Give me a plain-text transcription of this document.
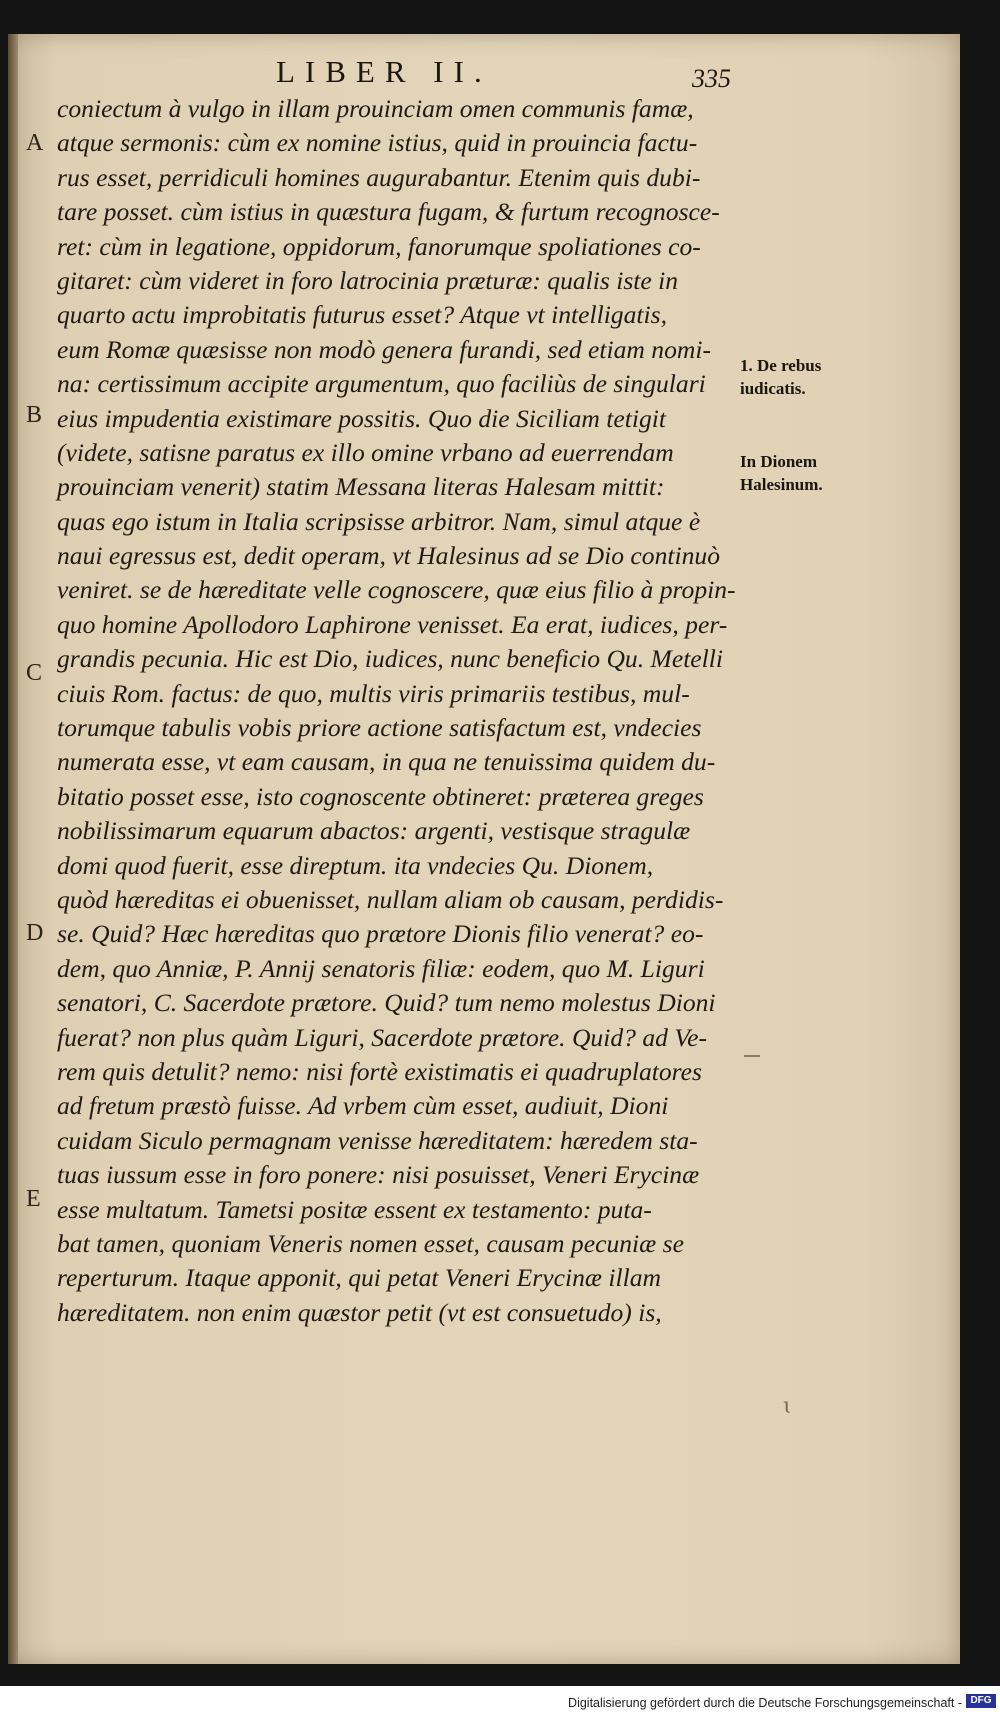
LIBER II.	335
coniectum à vulgo in illam prouinciam omen communis famæ,
atque sermonis: cùm ex nomine istius, quid in prouincia factu-
rus esset, perridiculi homines augurabantur. Etenim quis dubi-
tare posset. cùm istius in quæstura fugam, & furtum recognosce-
ret: cùm in legatione, oppidorum, fanorumque spoliationes co-
gitaret: cùm videret in foro latrocinia præturæ: qualis iste in
quarto actu improbitatis futurus esset? Atque vt intelligatis,
eum Romæ quæsisse non modò genera furandi, sed etiam nomi-
na: certissimum accipite argumentum, quo faciliùs de singulari
eius impudentia existimare possitis. Quo die Siciliam tetigit
(videte, satisne paratus ex illo omine vrbano ad euerrendam
prouinciam venerit) statim Messana literas Halesam mittit:
quas ego istum in Italia scripsisse arbitror. Nam, simul atque è
naui egressus est, dedit operam, vt Halesinus ad se Dio continuò
veniret. se de hæreditate velle cognoscere, quæ eius filio à propin-
quo homine Apollodoro Laphirone venisset. Ea erat, iudices, per-
grandis pecunia. Hic est Dio, iudices, nunc beneficio Qu. Metelli
ciuis Rom. factus: de quo, multis viris primariis testibus, mul-
torumque tabulis vobis priore actione satisfactum est, vndecies
numerata esse, vt eam causam, in qua ne tenuissima quidem du-
bitatio posset esse, isto cognoscente obtineret: præterea greges
nobilissimarum equarum abactos: argenti, vestisque stragulæ
domi quod fuerit, esse direptum. ita vndecies Qu. Dionem,
quòd hæreditas ei obuenisset, nullam aliam ob causam, perdidis-
se. Quid? Hæc hæreditas quo prætore Dionis filio venerat? eo-
dem, quo Anniæ, P. Annij senatoris filiæ: eodem, quo M. Liguri
senatori, C. Sacerdote prætore. Quid? tum nemo molestus Dioni
fuerat? non plus quàm Liguri, Sacerdote prætore. Quid? ad Ve-
rem quis detulit? nemo: nisi fortè existimatis ei quadruplatores
ad fretum præstò fuisse. Ad vrbem cùm esset, audiuit, Dioni
cuidam Siculo permagnam venisse hæreditatem: hæredem sta-
tuas iussum esse in foro ponere: nisi posuisset, Veneri Erycinæ
esse multatum. Tametsi positæ essent ex testamento: puta-
bat tamen, quoniam Veneris nomen esset, causam pecuniæ se
reperturum. Itaque apponit, qui petat Veneri Erycinæ illam
hæreditatem. non enim quæstor petit (vt est consuetudo) is,
A
B
C
D
E
1. De rebus
iudicatis.
In Dionem
Halesinum.
ɩ
Digitalisierung gefördert durch die Deutsche Forschungsgemeinschaft - DFG
